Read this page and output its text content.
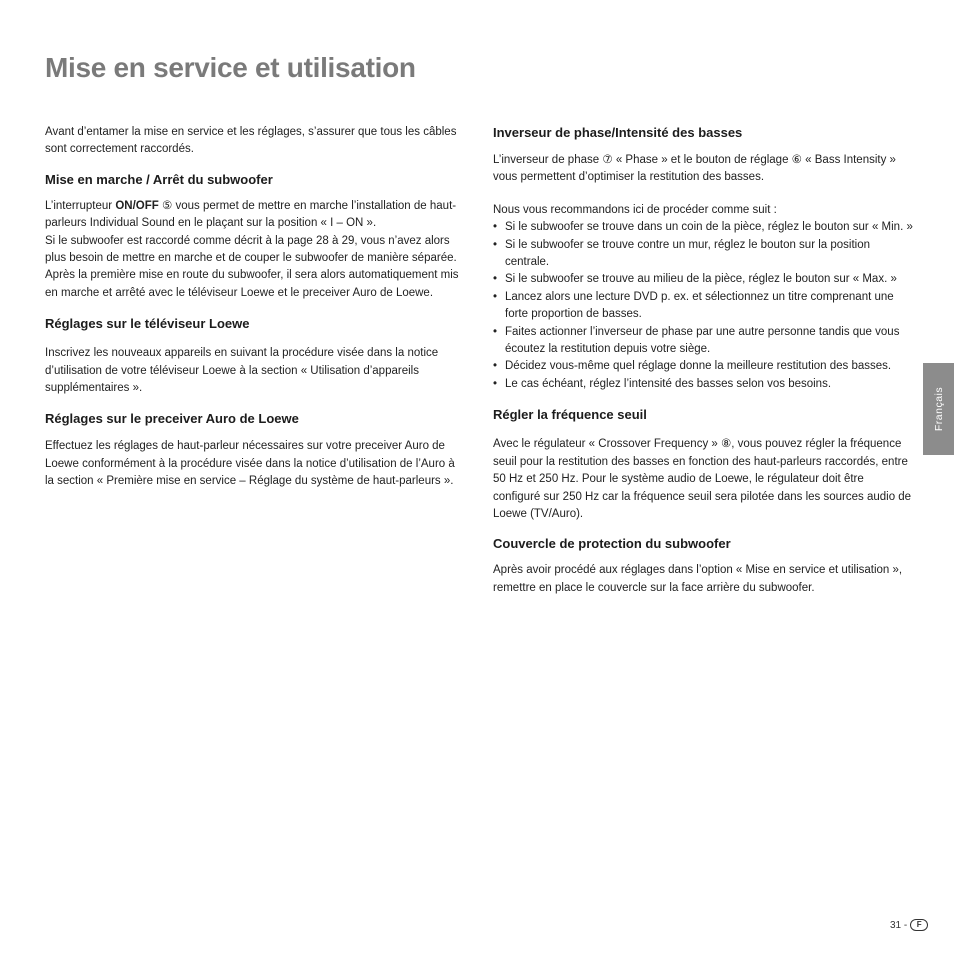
Mise en service et utilisation

Avant d’entamer la mise en service et les réglages, s’assurer que tous les câbles sont correctement raccordés.

Mise en marche / Arrêt du subwoofer

L’interrupteur ON/OFF ⑤ vous permet de mettre en marche l’installation de haut-parleurs Individual Sound en le plaçant sur la position « I – ON ».

Si le subwoofer est raccordé comme décrit à la page 28 à 29, vous n’avez alors plus besoin de mettre en marche et de couper le subwoofer de manière séparée.

Après la première mise en route du subwoofer, il sera alors automatiquement mis en marche et arrêté avec le téléviseur Loewe et le preceiver Auro de Loewe.

Réglages sur le téléviseur Loewe

Inscrivez les nouveaux appareils en suivant la procédure visée dans la notice d’utilisation de votre téléviseur Loewe à la section « Utilisation d’appareils supplémentaires ».

Réglages sur le preceiver Auro de Loewe

Effectuez les réglages de haut-parleur nécessaires sur votre preceiver Auro de Loewe conformément à la procédure visée dans la notice d’utilisation de l’Auro à la section « Première mise en service – Réglage du système de haut-parleurs ».

Inverseur de phase/Intensité des basses

L’inverseur de phase ⑦ « Phase » et le bouton de réglage ⑥ « Bass Intensity » vous permettent d’optimiser la restitution des basses.

Nous vous recommandons ici de procéder comme suit :

• Si le subwoofer se trouve dans un coin de la pièce, réglez le bouton sur « Min. »
• Si le subwoofer se trouve contre un mur, réglez le bouton sur la position centrale.
• Si le subwoofer se trouve au milieu de la pièce, réglez le bouton sur « Max. »
• Lancez alors une lecture DVD p. ex. et sélectionnez un titre comprenant une forte proportion de basses.
• Faites actionner l’inverseur de phase par une autre personne tandis que vous écoutez la restitution depuis votre siège.
• Décidez vous-même quel réglage donne la meilleure restitution des basses.
• Le cas échéant, réglez l’intensité des basses selon vos besoins.
Régler la fréquence seuil

Avec le régulateur « Crossover Frequency » ⑧, vous pouvez régler la fréquence seuil pour la restitution des basses en fonction des haut-parleurs raccordés, entre 50 Hz et 250 Hz. Pour le système audio de Loewe, le régulateur doit être configuré sur 250 Hz car la fréquence seuil sera pilotée dans les sources audio de Loewe (TV/Auro).

Couvercle de protection du subwoofer

Après avoir procédé aux réglages dans l’option « Mise en service et utilisation », remettre en place le couvercle sur la face arrière du subwoofer.

Français
31 -	F
